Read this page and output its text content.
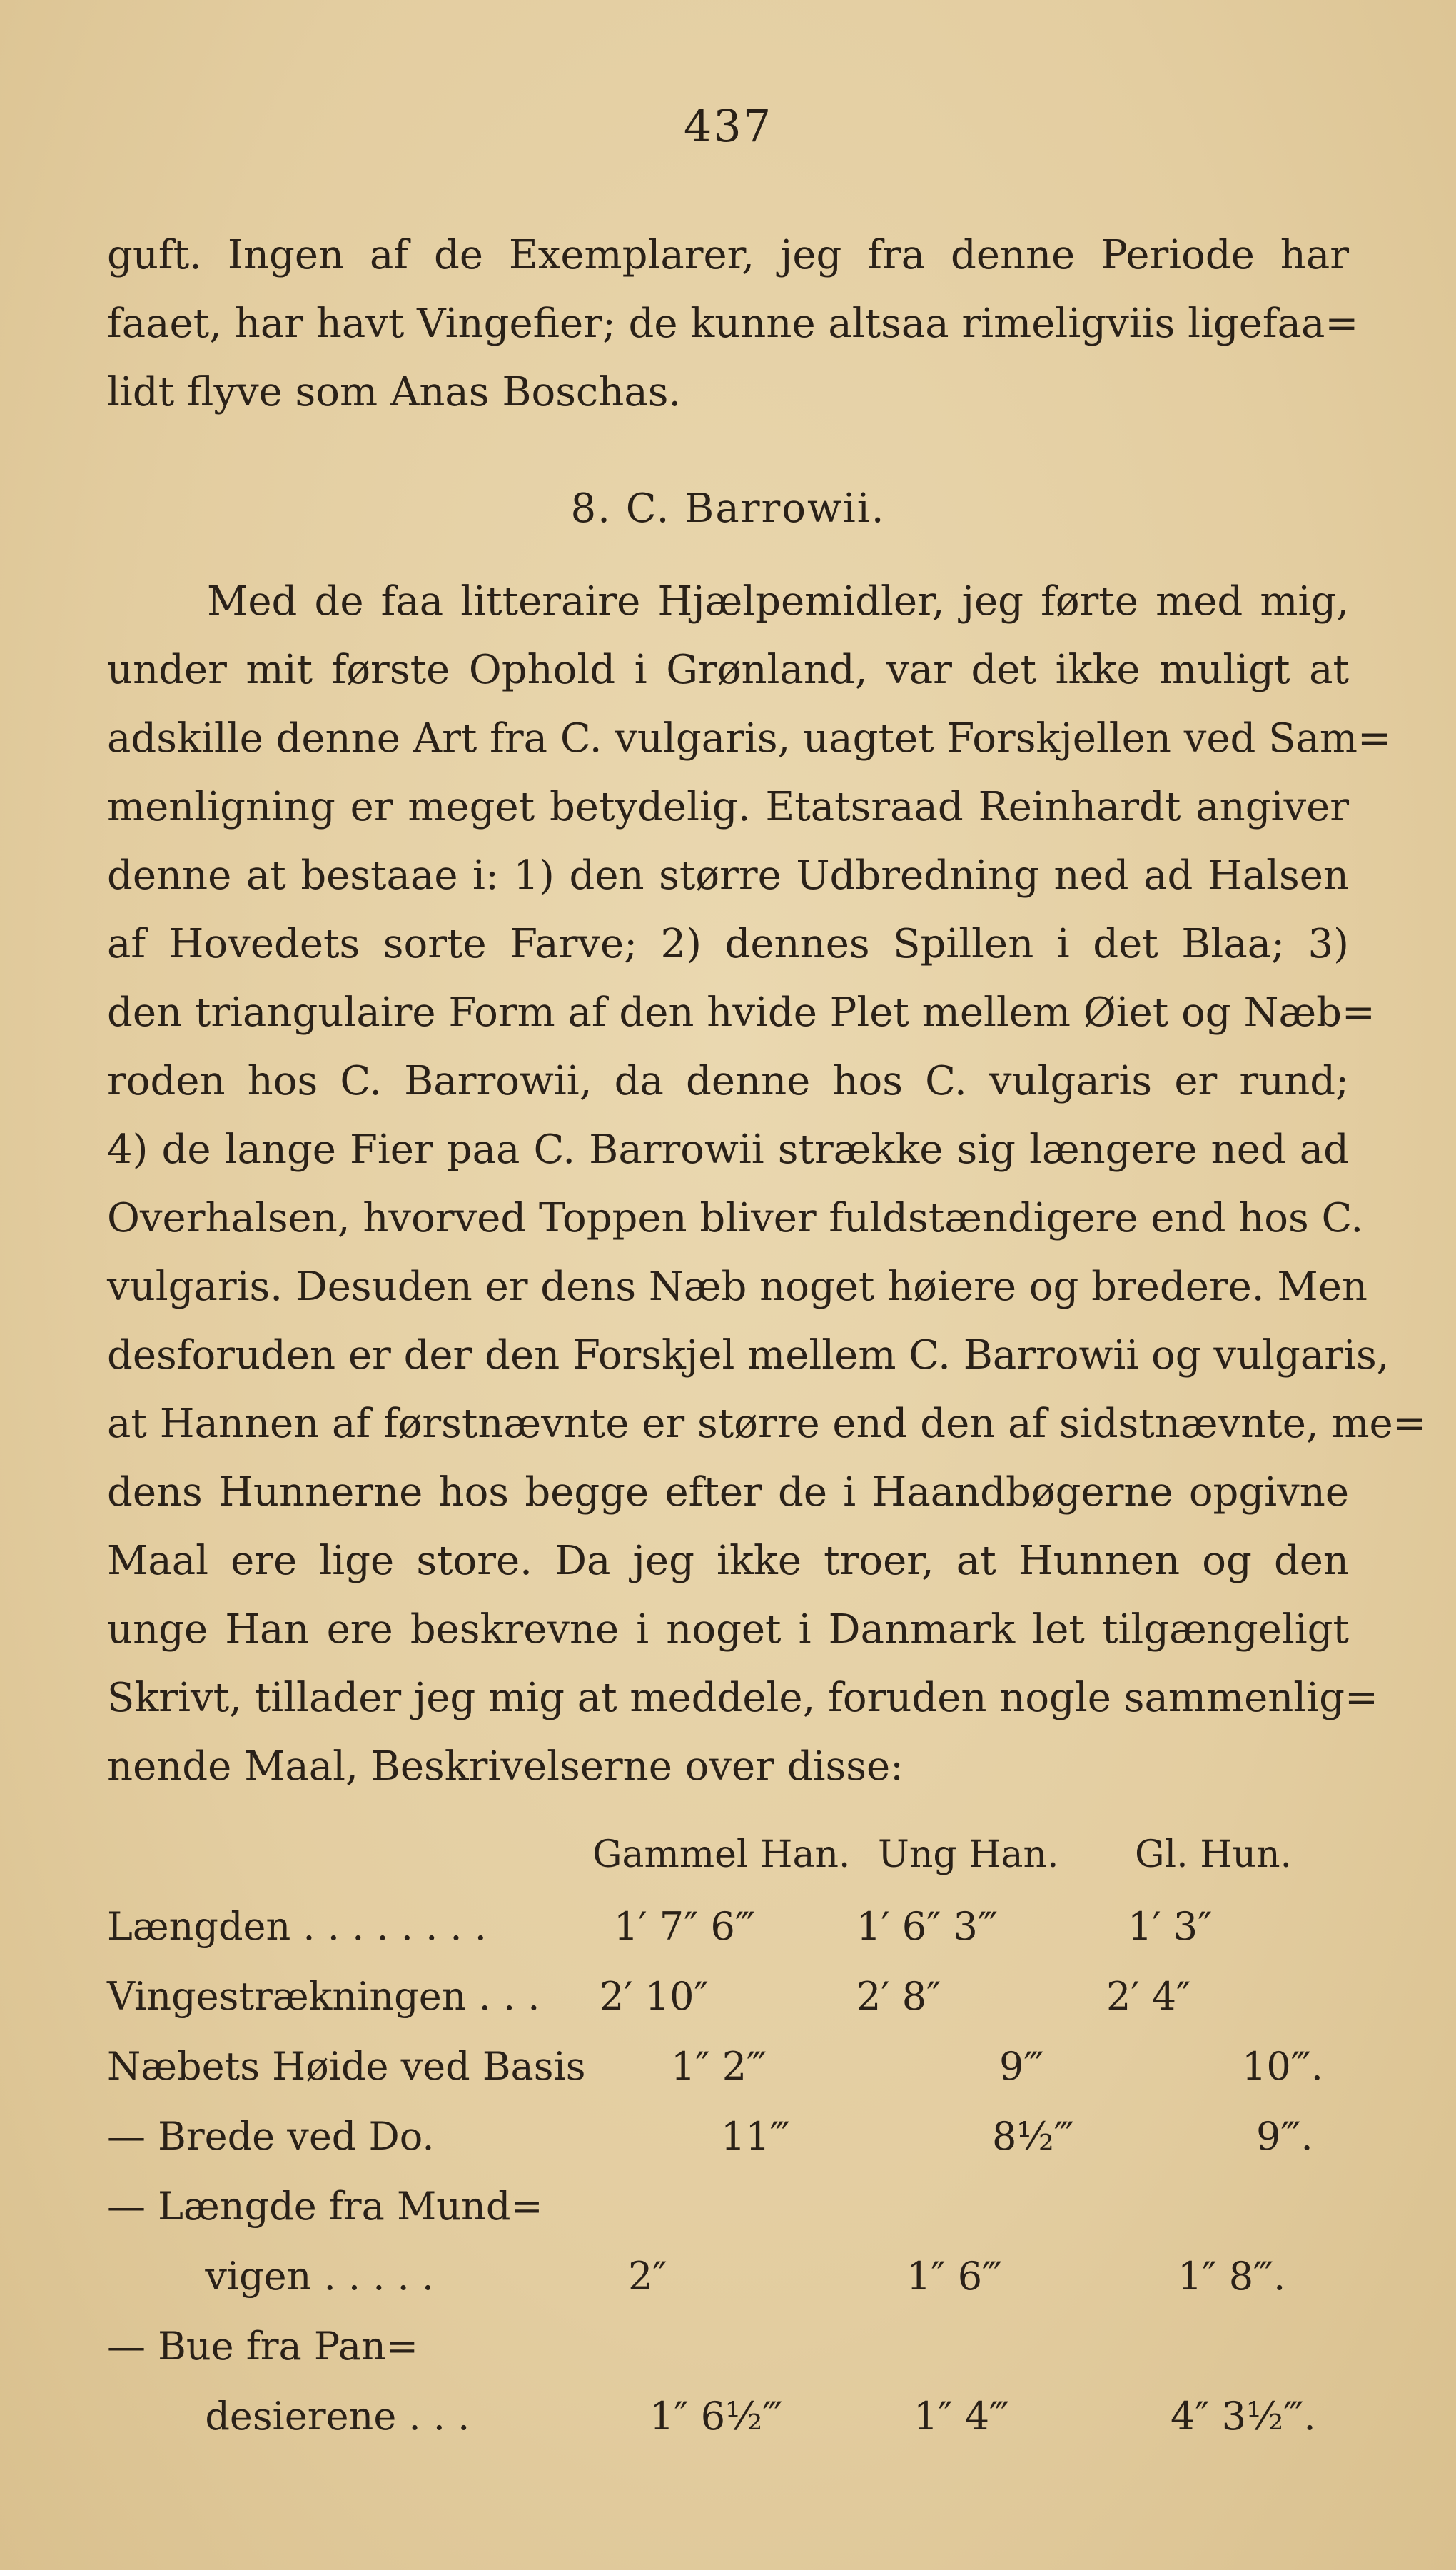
437
guft. Ingen af de Exemplarer, jeg fra denne Periode har
faaet, har havt Vingefier; de kunne altsaa rimeligviis ligefaa=
lidt flyve som Anas Boschas.
8. C. Barrowii.
Med de faa litteraire Hjælpemidler, jeg førte med mig,
under mit første Ophold i Grønland, var det ikke muligt at
adskille denne Art fra C. vulgaris, uagtet Forskjellen ved Sam=
menligning er meget betydelig. Etatsraad Reinhardt angiver
denne at bestaae i: 1) den større Udbredning ned ad Halsen
af Hovedets sorte Farve; 2) dennes Spillen i det Blaa; 3)
den triangulaire Form af den hvide Plet mellem Øiet og Næb=
roden hos C. Barrowii, da denne hos C. vulgaris er rund;
4) de lange Fier paa C. Barrowii strække sig længere ned ad
Overhalsen, hvorved Toppen bliver fuldstændigere end hos C.
vulgaris. Desuden er dens Næb noget høiere og bredere. Men
desforuden er der den Forskjel mellem C. Barrowii og vulgaris,
at Hannen af førstnævnte er større end den af sidstnævnte, me=
dens Hunnerne hos begge efter de i Haandbøgerne opgivne
Maal ere lige store. Da jeg ikke troer, at Hunnen og den
unge Han ere beskrevne i noget i Danmark let tilgængeligt
Skrivt, tillader jeg mig at meddele, foruden nogle sammenlig=
nende Maal, Beskrivelserne over disse:
Gammel Han. Ung Han. Gl. Hun.
Længden . . . . . . . .	1′ 7″ 6‴	1′ 6″ 3‴	1′ 3″
Vingestrækningen . . . 2′ 10″	2′ 8″	2′ 4″
Næbets Høide ved Basis 1″ 2‴	9‴	10‴.
— Brede ved Do.	11‴	8½‴	9‴.
— Længde fra Mund=
vigen . . . . .	2″	1″ 6‴	1″ 8‴.
— Bue fra Pan=
desierene . . .	1″ 6½‴	1″ 4‴	4″ 3½‴.
